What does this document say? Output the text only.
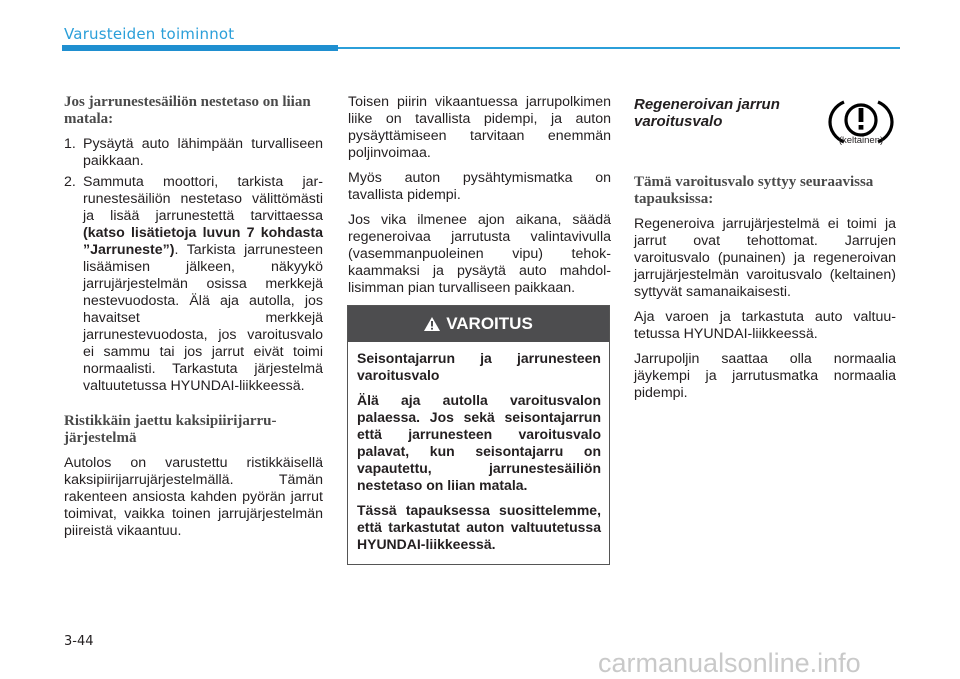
Varusteiden toiminnot
Jos jarrunestesäiliön nestetaso on liian matala:
1. Pysäytä auto lähimpään turvalliseen paikkaan.
2. Sammuta moottori, tarkista jarrunestesäiliön nestetaso välittömästi ja lisää jarrunestettä tarvittaessa (katso lisätietoja luvun 7 kohdasta ”Jarruneste”). Tarkista jarrunesteen lisäämisen jälkeen, näkyykö jarrujärjestelmän osissa merkkejä nestevuodosta. Älä aja autolla, jos havaitset merkkejä jarrunestevuodosta, jos varoitusvalo ei sammu tai jos jarrut eivät toimi normaalisti. Tarkastuta järjestelmä valtuutetussa HYUNDAI-liikkeessä.
Ristikkäin jaettu kaksipiirijarrujärjestelmä

Autolos on varustettu ristikkäisellä kaksipiirijarrujärjestelmällä. Tämän rakenteen ansiosta kahden pyörän jarrut toimivat, vaikka toinen jarrujärjestelmän piireistä vikaantuu.

Toisen piirin vikaantuessa jarrupolkimen liike on tavallista pidempi, ja auton pysäyttämiseen tarvitaan enemmän poljinvoimaa.

Myös auton pysähtymismatka on tavallista pidempi.

Jos vika ilmenee ajon aikana, säädä regeneroivaa jarrutusta valintavivulla (vasemmanpuoleinen vipu) tehokkaammaksi ja pysäytä auto mahdollisimman pian turvalliseen paikkaan.

VAROITUS

Seisontajarrun ja jarrunesteen varoitusvalo

Älä aja autolla varoitusvalon palaessa. Jos sekä seisontajarrun että jarrunesteen varoitusvalo palavat, kun seisontajarru on vapautettu, jarrunestesäiliön nestetaso on liian matala.

Tässä tapauksessa suosittelemme, että tarkastutat auton valtuutetussa HYUNDAI-liikkeessä.

Regeneroivan jarrun varoitusvalo
(keltainen)
Tämä varoitusvalo syttyy seuraavissa tapauksissa:

Regeneroiva jarrujärjestelmä ei toimi ja jarrut ovat tehottomat. Jarrujen varoitusvalo (punainen) ja regeneroivan jarrujärjestelmän varoitusvalo (keltainen) syttyvät samanaikaisesti.

Aja varoen ja tarkastuta auto valtuutetussa HYUNDAI-liikkeessä.

Jarrupoljin saattaa olla normaalia jäykempi ja jarrutusmatka normaalia pidempi.

3-44
carmanualsonline.info
